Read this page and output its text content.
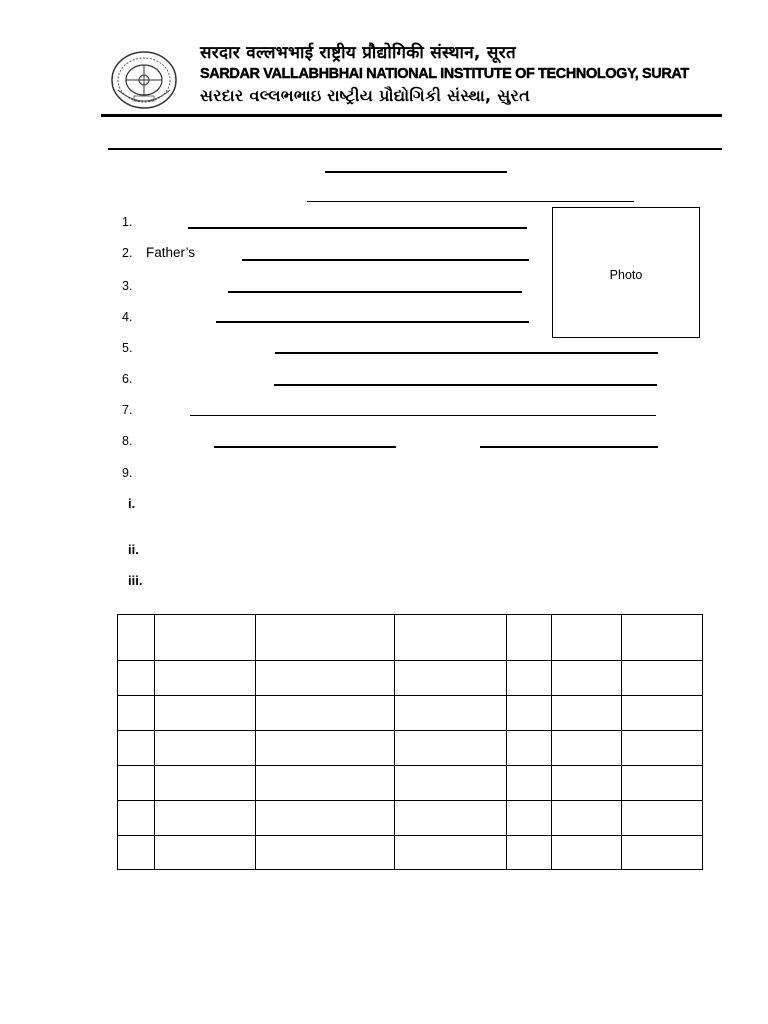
सरदार वल्लभभाई राष्ट्रीय प्रौद्योगिकी संस्थान, सूरत
SARDAR VALLABHBHAI NATIONAL INSTITUTE OF TECHNOLOGY, SURAT
સરદાર વલ્લભભાઇ રાષ્ટ્રીય પ્રૌદ્યોગિકી સંસ્થા, સુરત
Photo
1.
2. Father’s
3.
4.
5.
6.
7.
8.
9.
i.
ii.
iii.
